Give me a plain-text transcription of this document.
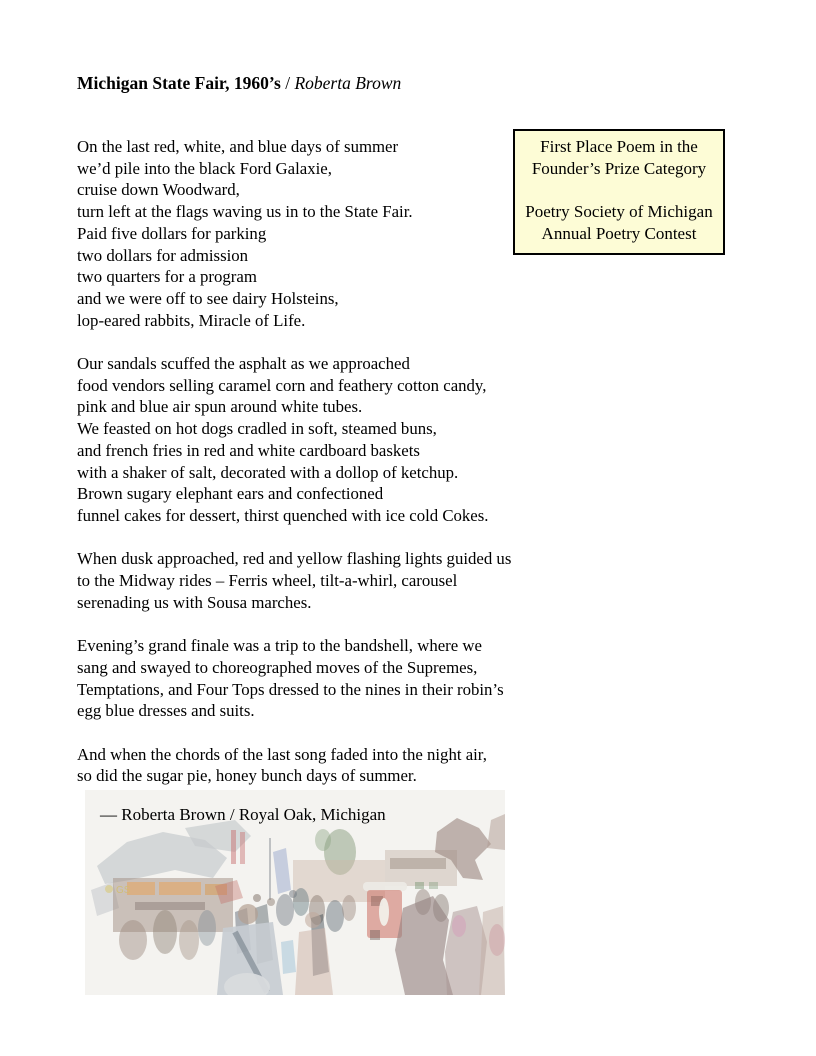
Michigan State Fair, 1960’s / Roberta Brown

First Place Poem in the
Founder’s Prize Category

Poetry Society of Michigan
Annual Poetry Contest

On the last red, white, and blue days of summer
we’d pile into the black Ford Galaxie,
cruise down Woodward,
turn left at the flags waving us in to the State Fair.
Paid five dollars for parking
two dollars for admission
two quarters for a program
and we were off to see dairy Holsteins,
lop-eared rabbits, Miracle of Life.

Our sandals scuffed the asphalt as we approached
food vendors selling caramel corn and feathery cotton candy,
pink and blue air spun around white tubes.
We feasted on hot dogs cradled in soft, steamed buns,
and french fries in red and white cardboard baskets
with a shaker of salt, decorated with a dollop of ketchup.
Brown sugary elephant ears and confectioned
funnel cakes for dessert, thirst quenched with ice cold Cokes.

When dusk approached, red and yellow flashing lights guided us
to the Midway rides – Ferris wheel, tilt-a-whirl, carousel
serenading us with Sousa marches.

Evening’s grand finale was a trip to the bandshell, where we
sang and swayed to choreographed moves of the Supremes,
Temptations, and Four Tops dressed to the nines in their robin’s
egg blue dresses and suits.

And when the chords of the last song faded into the night air,
so did the sugar pie, honey bunch days of summer.

GS
— Roberta Brown / Royal Oak, Michigan
